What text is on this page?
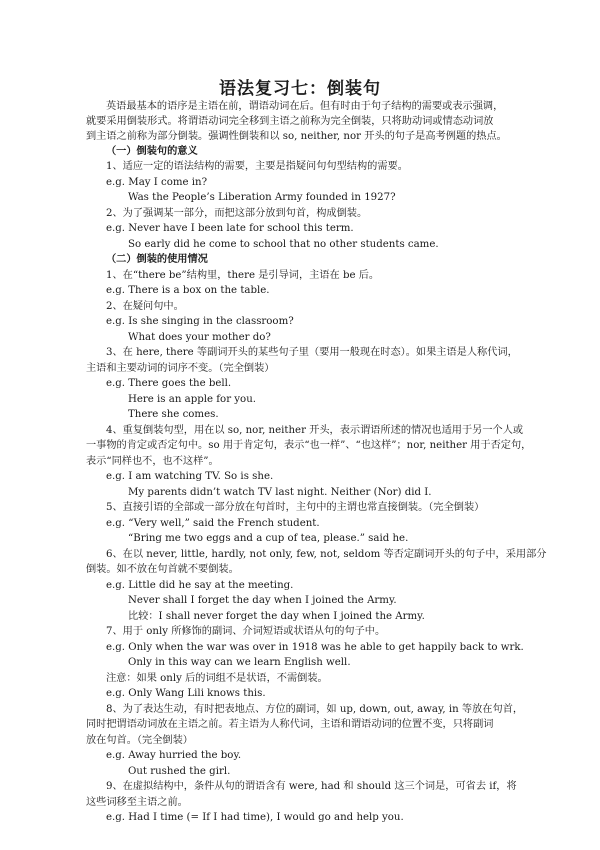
语法复习七：倒装句
英语最基本的语序是主语在前，谓语动词在后。但有时由于句子结构的需要或表示强调，
就要采用倒装形式。将谓语动词完全移到主语之前称为完全倒装，只将助动词或情态动词放
到主语之前称为部分倒装。强调性倒装和以 so, neither, nor 开头的句子是高考例题的热点。
（一）倒装句的意义
1、适应一定的语法结构的需要，主要是指疑问句句型结构的需要。
e.g. May I come in?
Was the People’s Liberation Army founded in 1927?
2、为了强调某一部分，而把这部分放到句首，构成倒装。
e.g. Never have I been late for school this term.
So early did he come to school that no other students came.
（二）倒装的使用情况
1、在“there be”结构里，there 是引导词，主语在 be 后。
e.g. There is a box on the table.
2、在疑问句中。
e.g. Is she singing in the classroom?
What does your mother do?
3、在 here, there 等副词开头的某些句子里（要用一般现在时态）。如果主语是人称代词，
主语和主要动词的词序不变。（完全倒装）
e.g. There goes the bell.
Here is an apple for you.
There she comes.
4、重复倒装句型，用在以 so, nor, neither 开头，表示谓语所述的情况也适用于另一个人或
一事物的肯定或否定句中。so 用于肯定句，表示“也一样”、“也这样”；nor, neither 用于否定句，
表示“同样也不，也不这样”。
e.g. I am watching TV. So is she.
My parents didn’t watch TV last night. Neither (Nor) did I.
5、直接引语的全部或一部分放在句首时，主句中的主谓也常直接倒装。（完全倒装）
e.g. “Very well,” said the French student.
“Bring me two eggs and a cup of tea, please.” said he.
6、在以 never, little, hardly, not only, few, not, seldom 等否定副词开头的句子中，采用部分
倒装。如不放在句首就不要倒装。
e.g. Little did he say at the meeting.
Never shall I forget the day when I joined the Army.
比较：I shall never forget the day when I joined the Army.
7、用于 only 所修饰的副词、介词短语或状语从句的句子中。
e.g. Only when the war was over in 1918 was he able to get happily back to wrk.
Only in this way can we learn English well.
注意：如果 only 后的词组不是状语，不需倒装。
e.g. Only Wang Lili knows this.
8、为了表达生动，有时把表地点、方位的副词，如 up, down, out, away, in 等放在句首，
同时把谓语动词放在主语之前。若主语为人称代词，主语和谓语动词的位置不变，只将副词
放在句首。（完全倒装）
e.g. Away hurried the boy.
Out rushed the girl.
9、在虚拟结构中，条件从句的谓语含有 were, had 和 should 这三个词是，可省去 if，将
这些词移至主语之前。
e.g. Had I time (= If I had time), I would go and help you.
